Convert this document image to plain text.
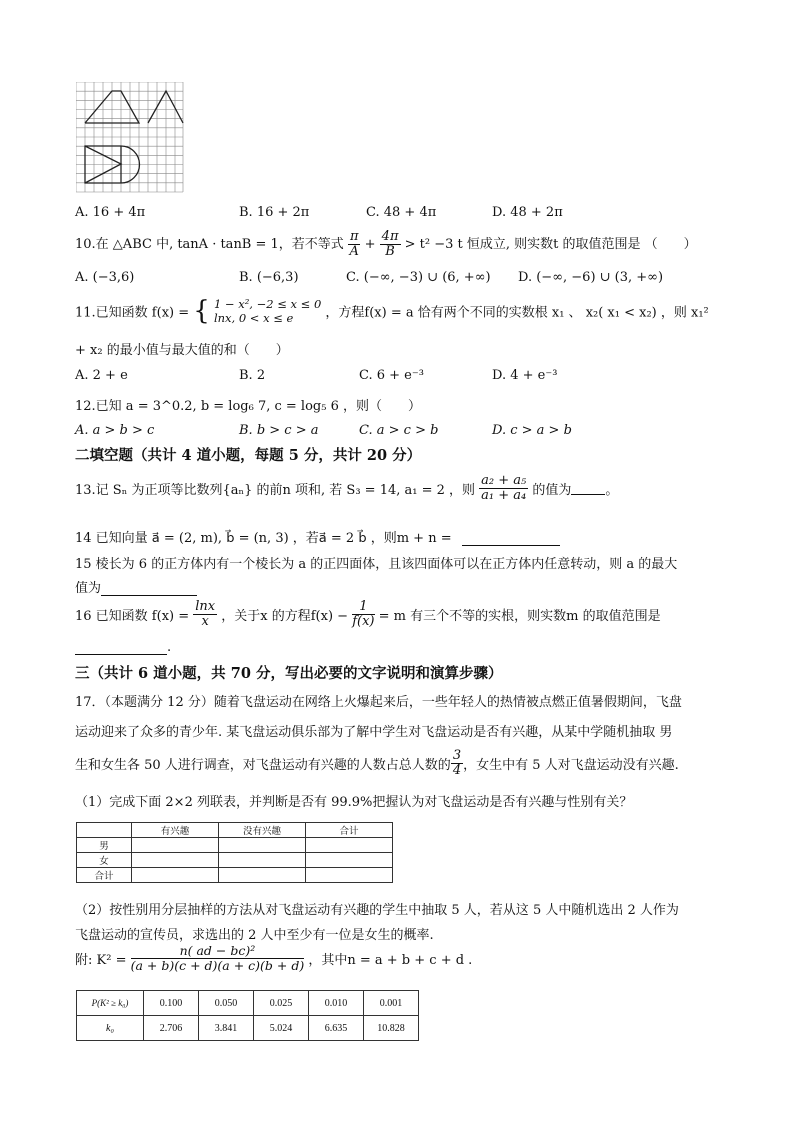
A. 16 + 4π	B. 16 + 2π	C. 48 + 4π	D. 48 + 2π
10.在 △ABC 中, tanA · tanB = 1，若不等式 $\frac{\pi}{A} + \frac{4\pi}{B} > t^2 -3$ t 恒成立, 则实数t 的取值范围是 （　　）
A. (−3,6)	B. (−6,3)	C. (−∞, −3) ∪ (6, +∞) D. (−∞, −6) ∪ (3, +∞)
11.已知函数 f(x) = { 1 − x², −2 ≤ x ≤ 0
lnx, 0 < x ≤ e	，方程f(x) = a 恰有两个不同的实数根 x₁ 、 x₂( x₁ < x₂) ，则 x₁²
+ x₂ 的最小值与最大值的和（　　）
A. 2 + e	B. 2	C. 6 + e⁻³	D. 4 + e⁻³
12.已知 a = 3^0.2, b = log₆ 7, c = log₅ 6 ，则（　　）
A. a > b > c	B. b > c > a	C. a > c > b	D. c > a > b
二填空题（共计 4 道小题，每题 5 分，共计 20 分）
13.记 Sₙ 为正项等比数列{aₙ} 的前n 项和, 若 S₃ = 14, a₁ = 2 ，则 $\frac{\text{a₂ + a₅}}{\text{a₁ + a₄}}$ 的值为	。
14 已知向量 a⃗ = (2, m), b⃗ = (n, 3) ，若a⃗ = 2 b⃗ ，则m + n =
15 棱长为 6 的正方体内有一个棱长为 a 的正四面体，且该四面体可以在正方体内任意转动，则 a 的最大
值为
16 已知函数 $f(x) = \frac{\ln x}{x}$ ，关于x 的方程$f(x) - \frac{1}{f(x)} = m$ 有三个不等的实根，则实数m 的取值范围是
.
三（共计 6 道小题，共 70 分，写出必要的文字说明和演算步骤）
17．（本题满分 12 分）随着飞盘运动在网络上火爆起来后，一些年轻人的热情被点燃正值暑假期间，飞盘
运动迎来了众多的青少年. 某飞盘运动俱乐部为了解中学生对飞盘运动是否有兴趣，从某中学随机抽取 男
生和女生各 50 人进行调查，对飞盘运动有兴趣的人数占总人数的 $\frac{3}{4}$ ，女生中有 5 人对飞盘运动没有兴趣.
（1）完成下面 2×2 列联表，并判断是否有 99.9%把握认为对飞盘运动是否有兴趣与性别有关？
	有兴趣	没有兴趣	合计
男			
女			
合计			
（2）按性别用分层抽样的方法从对飞盘运动有兴趣的学生中抽取 5 人，若从这 5 人中随机选出 2 人作为
飞盘运动的宣传员，求选出的 2 人中至少有一位是女生的概率.
附: $K^2 = \frac{\text{n( ad − bc)²}}{(a + b)(c + d)(a + c)(b + d)}$ ，其中n = a + b + c + d .
P(K² ≥ k₀)	0.100	0.050	0.025	0.010	0.001
k₀	2.706	3.841	5.024	6.635	10.828
